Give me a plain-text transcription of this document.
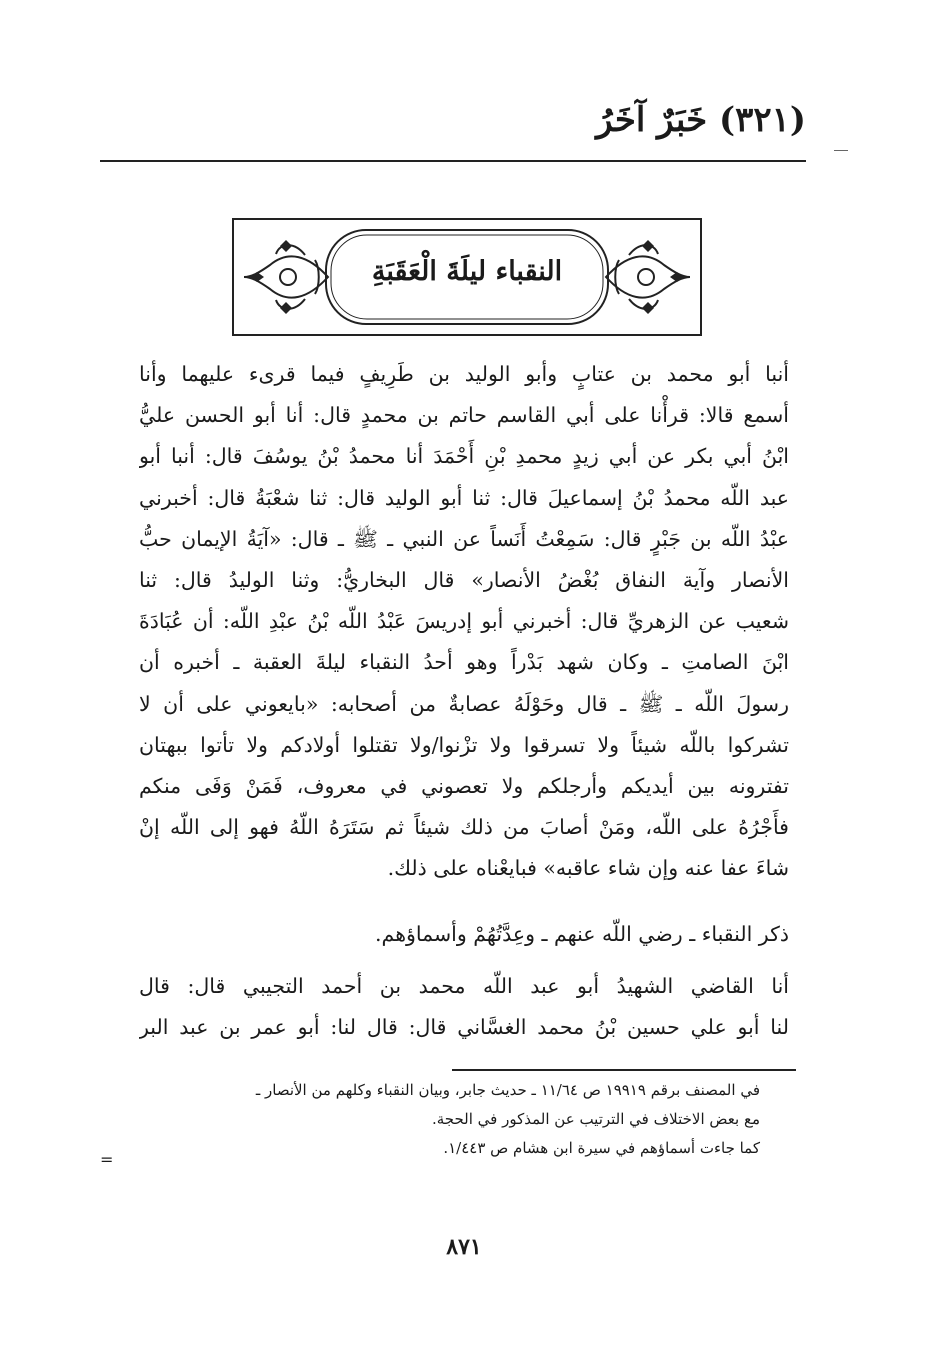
(٣٢١) خَبَرٌ آخَرُ
النقباء ليلَةَ الْعَقَبَةِ
أنبا أبو محمد بن عتابٍ وأبو الوليد بن طَرِيفٍ فيما قرىء عليهما وأنا
أسمع قالا: قرأْنا على أبي القاسم حاتم بن محمدٍ قال: أنا أبو الحسن عليُّ
ابْنُ أبي بكر عن أبي زيدٍ محمدِ بْنِ أَحْمَدَ أنا محمدُ بْنُ يوسُفَ قال: أنبا أبو
عبد اللّه محمدُ بْنُ إسماعيلَ قال: ثنا أبو الوليد قال: ثنا شعْبَةُ قال: أخبرني
عبْدُ اللّه بن جَبْرٍ قال: سَمِعْتُ أَنَساً عن النبي ـ ﷺ ـ قال: «آيَةُ الإيمان حبُّ
الأنصار وآية النفاق بُغْضُ الأنصار» قال البخاريُّ: وثنا الوليدُ قال: ثنا
شعيب عن الزهريِّ قال: أخبرني أبو إدريسَ عَبْدُ اللّه بْنُ عبْدِ اللّه: أن عُبَادَةَ
ابْنَ الصامتِ ـ وكان شهد بَدْراً وهو أحدُ النقباء ليلةَ العقبة ـ أخبره أن
رسولَ اللّه ـ ﷺ ـ قال وحَوْلَهُ عصابةٌ من أصحابه: «بايعوني على أن لا
تشركوا باللّه شيئاً ولا تسرقوا ولا تزْنوا/ولا تقتلوا أولادكم ولا تأتوا ببهتان
تفترونه بين أيديكم وأرجلكم ولا تعصوني في معروف، فَمَنْ وَفَى منكم
فأَجْرُهُ على اللّه، ومَنْ أصابَ من ذلك شيئاً ثم سَتَرَهُ اللّهُ فهو إلى اللّه إنْ
شاءَ عفا عنه وإن شاء عاقبه» فبايعْناه على ذلك.
ذكر النقباء ـ رضي اللّه عنهم ـ وعِدَّتُهُمْ وأسماؤهم.
أنا القاضي الشهيدُ أبو عبد اللّه محمد بن أحمد التجيبي قال: قال
لنا أبو علي حسين بْنُ محمد الغسَّاني قال: قال لنا: أبو عمر بن عبد البر
في المصنف برقم ١٩٩١٩ ص ١١/٦٤ ـ حديث جابر، وبيان النقباء وكلهم من الأنصار ـ
مع بعض الاختلاف في الترتيب عن المذكور في الحجة.
كما جاءت أسماؤهم في سيرة ابن هشام ص ١/٤٤٣.
=
٨٧١
